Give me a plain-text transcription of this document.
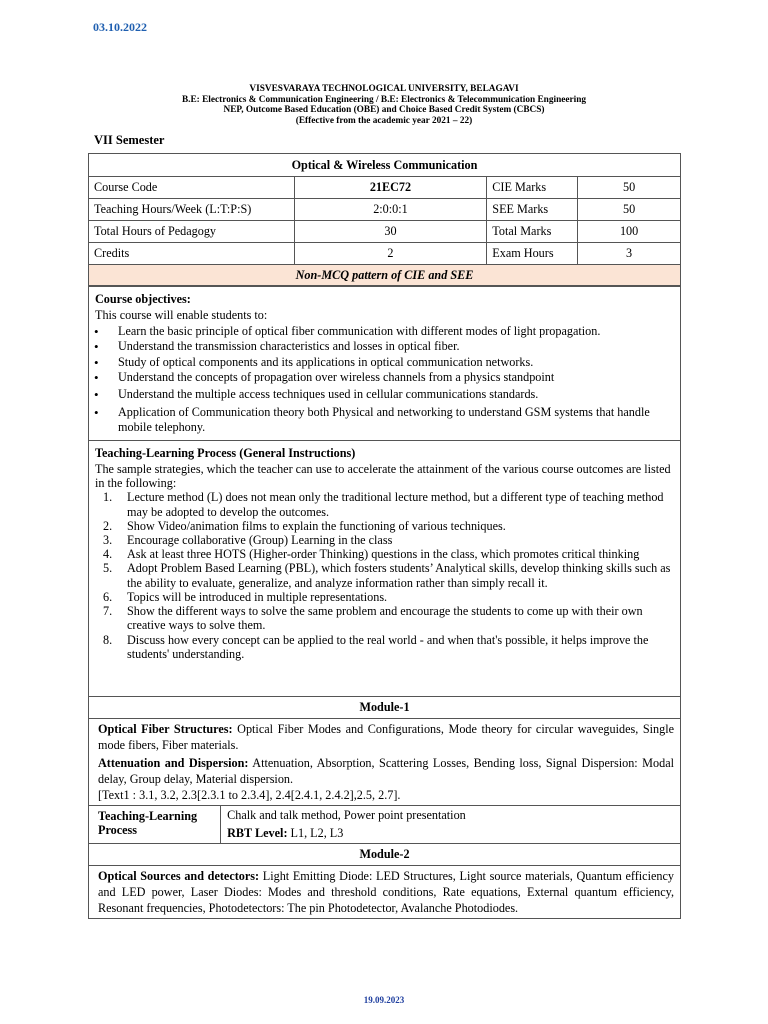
03.10.2022
VISVESVARAYA TECHNOLOGICAL UNIVERSITY, BELAGAVI
B.E: Electronics & Communication Engineering / B.E: Electronics & Telecommunication Engineering
NEP, Outcome Based Education (OBE) and Choice Based Credit System (CBCS)
(Effective from the academic year 2021 – 22)
VII Semester
Optical & Wireless Communication			
Course Code	21EC72	CIE Marks	50
Teaching Hours/Week (L:T:P:S)	2:0:0:1	SEE Marks	50
Total Hours of Pedagogy	30	Total Marks	100
Credits	2	Exam Hours	3
Non-MCQ pattern of CIE and SEE			
Course objectives:

This course will enable students to:

• Learn the basic principle of optical fiber communication with different modes of light propagation.
• Understand the transmission characteristics and losses in optical fiber.
• Study of optical components and its applications in optical communication networks.
• Understand the concepts of propagation over wireless channels from a physics standpoint
• Understand the multiple access techniques used in cellular communications standards.
• Application of Communication theory both Physical and networking to understand GSM systems that handle mobile telephony.

Teaching-Learning Process (General Instructions)

The sample strategies, which the teacher can use to accelerate the attainment of the various course outcomes are listed in the following:

1. Lecture method (L) does not mean only the traditional lecture method, but a different type of teaching method may be adopted to develop the outcomes.
2. Show Video/animation films to explain the functioning of various techniques.
3. Encourage collaborative (Group) Learning in the class
4. Ask at least three HOTS (Higher-order Thinking) questions in the class, which promotes critical thinking
5. Adopt Problem Based Learning (PBL), which fosters students’ Analytical skills, develop thinking skills such as the ability to evaluate, generalize, and analyze information rather than simply recall it.
6. Topics will be introduced in multiple representations.
7. Show the different ways to solve the same problem and encourage the students to come up with their own creative ways to solve them.
8. Discuss how every concept can be applied to the real world - and when that's possible, it helps improve the students' understanding.

Module-1

Optical Fiber Structures: Optical Fiber Modes and Configurations, Mode theory for circular waveguides, Single mode fibers, Fiber materials.
Attenuation and Dispersion: Attenuation, Absorption, Scattering Losses, Bending loss, Signal Dispersion: Modal delay, Group delay, Material dispersion.
[Text1 : 3.1, 3.2, 2.3[2.3.1 to 2.3.4], 2.4[2.4.1, 2.4.2],2.5, 2.7].

Teaching-Learning Process	
Chalk and talk method, Power point presentation
RBT Level: L1, L2, L3

Module-2

Optical Sources and detectors: Light Emitting Diode: LED Structures, Light source materials, Quantum efficiency and LED power, Laser Diodes: Modes and threshold conditions, Rate equations, External quantum efficiency, Resonant frequencies, Photodetectors: The pin Photodetector, Avalanche Photodiodes.
19.09.2023
